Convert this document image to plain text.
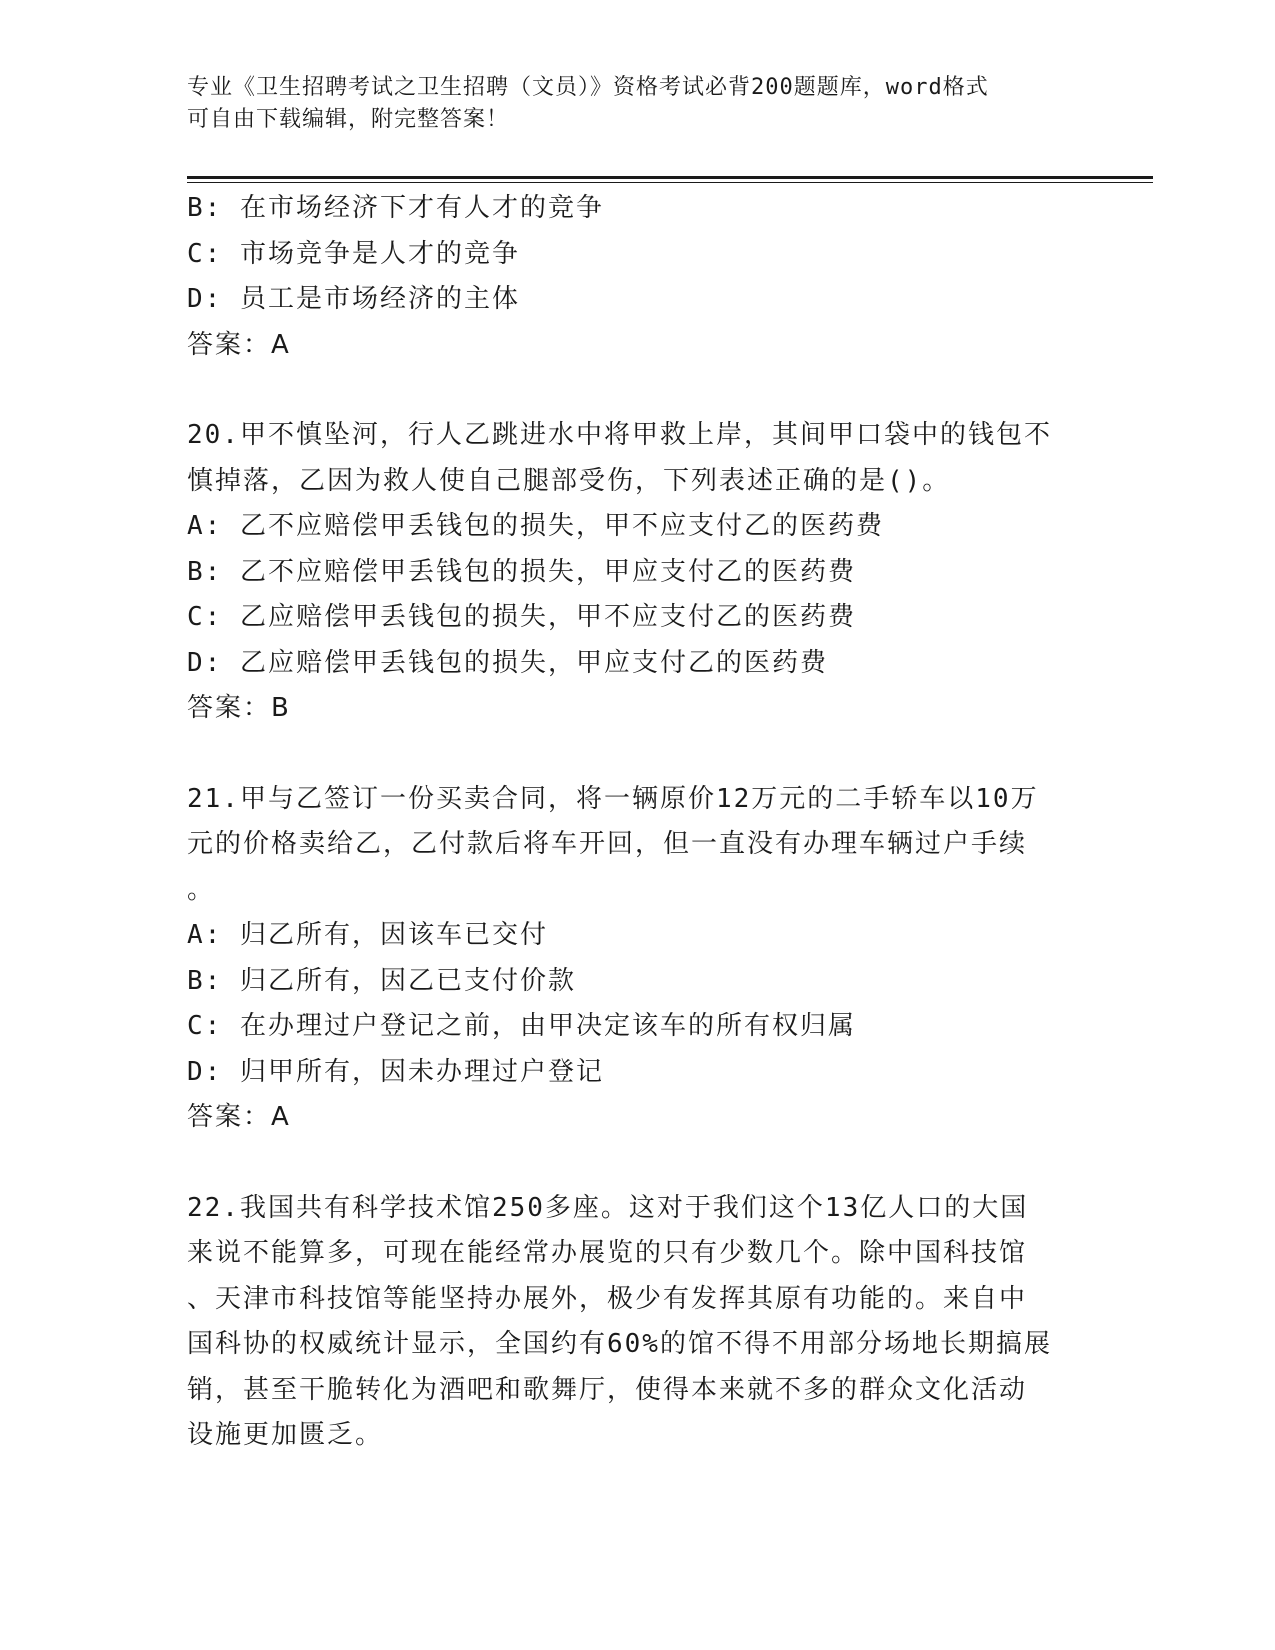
专业《卫生招聘考试之卫生招聘（文员）》资格考试必背200题题库，word格式
可自由下载编辑，附完整答案！
B: 在市场经济下才有人才的竞争
C: 市场竞争是人才的竞争
D: 员工是市场经济的主体
答案：A
20.甲不慎坠河，行人乙跳进水中将甲救上岸，其间甲口袋中的钱包不
慎掉落，乙因为救人使自己腿部受伤，下列表述正确的是()。
A: 乙不应赔偿甲丢钱包的损失，甲不应支付乙的医药费
B: 乙不应赔偿甲丢钱包的损失，甲应支付乙的医药费
C: 乙应赔偿甲丢钱包的损失，甲不应支付乙的医药费
D: 乙应赔偿甲丢钱包的损失，甲应支付乙的医药费
答案：B
21.甲与乙签订一份买卖合同，将一辆原价12万元的二手轿车以10万
元的价格卖给乙，乙付款后将车开回，但一直没有办理车辆过户手续
。
A: 归乙所有，因该车已交付
B: 归乙所有，因乙已支付价款
C: 在办理过户登记之前，由甲决定该车的所有权归属
D: 归甲所有，因未办理过户登记
答案：A
22.我国共有科学技术馆250多座。这对于我们这个13亿人口的大国
来说不能算多，可现在能经常办展览的只有少数几个。除中国科技馆
、天津市科技馆等能坚持办展外，极少有发挥其原有功能的。来自中
国科协的权威统计显示，全国约有60%的馆不得不用部分场地长期搞展
销，甚至干脆转化为酒吧和歌舞厅，使得本来就不多的群众文化活动
设施更加匮乏。
